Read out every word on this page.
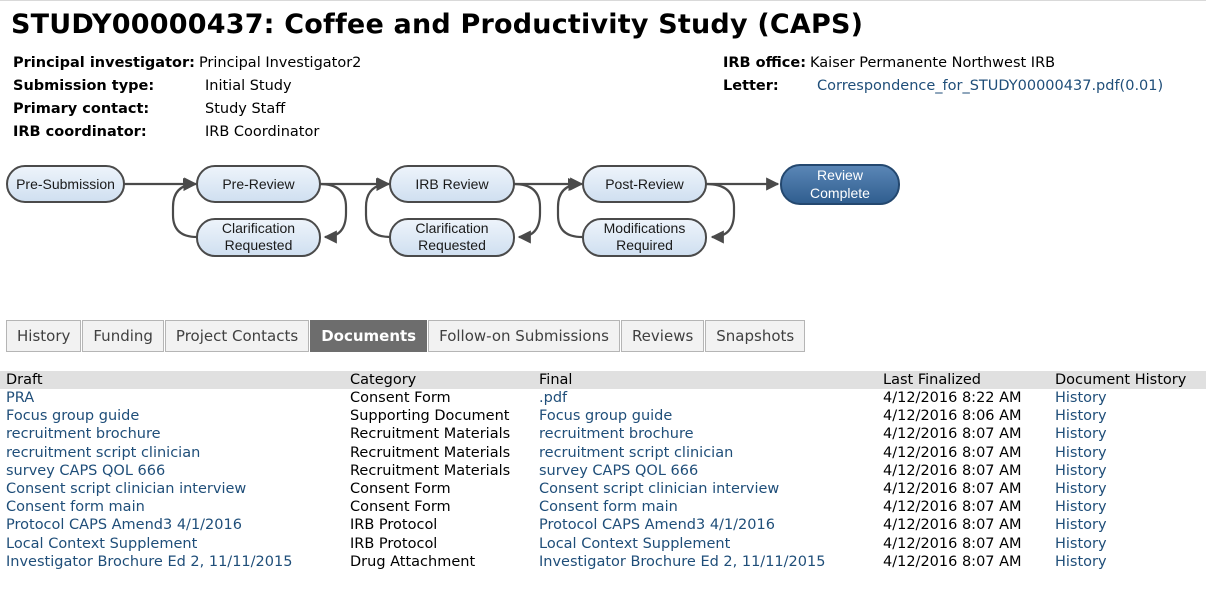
STUDY00000437: Coffee and Productivity Study (CAPS)
Principal investigator: Principal Investigator2
Submission type:	Initial Study
Primary contact:	Study Staff
IRB coordinator:	IRB Coordinator
IRB office: Kaiser Permanente Northwest IRB
Letter:	Correspondence_for_STUDY00000437.pdf(0.01)
Pre-Submission	Pre-Review	IRB Review	Post-Review
Clarification
Requested
Clarification
Requested
Modifications
Required
Review
Complete
History	Funding	Project Contacts	Documents	Follow-on Submissions	Reviews	Snapshots
Draft	Category	Final	Last Finalized	Document History
PRA	Consent Form	.pdf	4/12/2016 8:22 AM	History
Focus group guide	Supporting Document	Focus group guide	4/12/2016 8:06 AM	History
recruitment brochure	Recruitment Materials	recruitment brochure	4/12/2016 8:07 AM	History
recruitment script clinician	Recruitment Materials	recruitment script clinician	4/12/2016 8:07 AM	History
survey CAPS QOL 666	Recruitment Materials	survey CAPS QOL 666	4/12/2016 8:07 AM	History
Consent script clinician interview	Consent Form	Consent script clinician interview	4/12/2016 8:07 AM	History
Consent form main	Consent Form	Consent form main	4/12/2016 8:07 AM	History
Protocol CAPS Amend3 4/1/2016	IRB Protocol	Protocol CAPS Amend3 4/1/2016	4/12/2016 8:07 AM	History
Local Context Supplement	IRB Protocol	Local Context Supplement	4/12/2016 8:07 AM	History
Investigator Brochure Ed 2, 11/11/2015	Drug Attachment	Investigator Brochure Ed 2, 11/11/2015	4/12/2016 8:07 AM	History
